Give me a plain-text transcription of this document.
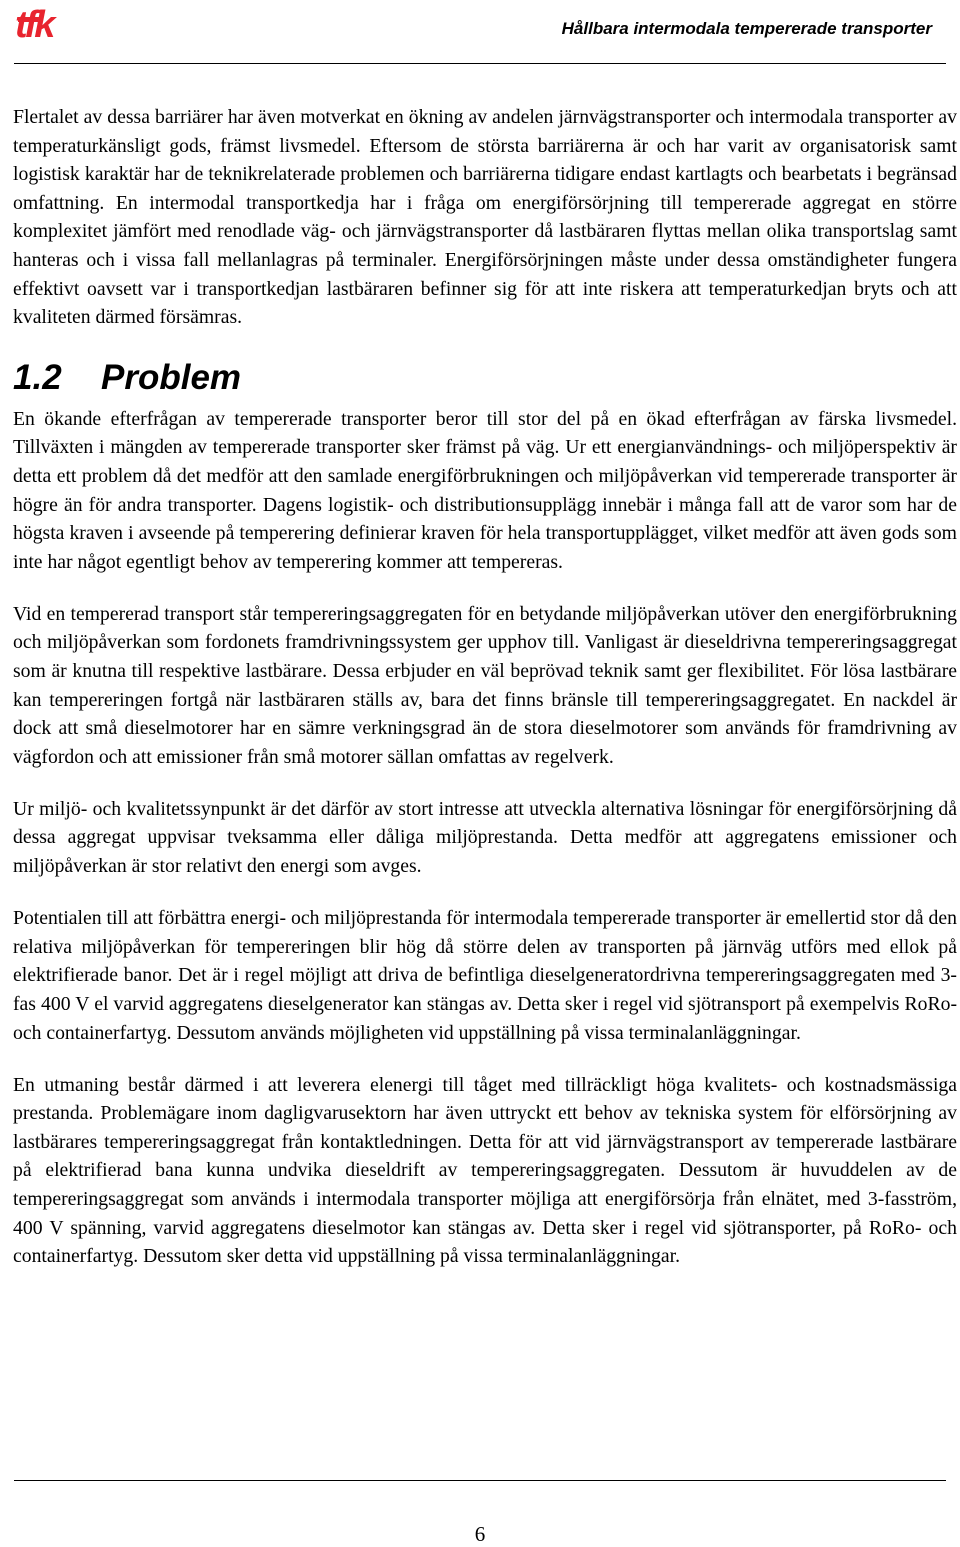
tfk	Hållbara intermodala tempererade transporter

Flertalet av dessa barriärer har även motverkat en ökning av andelen järnvägstransporter och intermodala transporter av temperaturkänsligt gods, främst livsmedel. Eftersom de största barriärerna är och har varit av organisatorisk samt logistisk karaktär har de teknikrelaterade problemen och barriärerna tidigare endast kartlagts och bearbetats i begränsad omfattning. En intermodal transportkedja har i fråga om energiförsörjning till tempererade aggregat en större komplexitet jämfört med renodlade väg- och järnvägstransporter då lastbäraren flyttas mellan olika transportslag samt hanteras och i vissa fall mellanlagras på terminaler. Energiförsörjningen måste under dessa omständigheter fungera effektivt oavsett var i transportkedjan lastbäraren befinner sig för att inte riskera att temperaturkedjan bryts och att kvaliteten därmed försämras.

1.2 Problem

En ökande efterfrågan av tempererade transporter beror till stor del på en ökad efterfrågan av färska livsmedel. Tillväxten i mängden av tempererade transporter sker främst på väg. Ur ett energianvändnings- och miljöperspektiv är detta ett problem då det medför att den samlade energiförbrukningen och miljöpåverkan vid tempererade transporter är högre än för andra transporter. Dagens logistik- och distributionsupplägg innebär i många fall att de varor som har de högsta kraven i avseende på temperering definierar kraven för hela transportupplägget, vilket medför att även gods som inte har något egentligt behov av temperering kommer att tempereras.

Vid en tempererad transport står tempereringsaggregaten för en betydande miljöpåverkan utöver den energiförbrukning och miljöpåverkan som fordonets framdrivningssystem ger upphov till. Vanligast är dieseldrivna tempereringsaggregat som är knutna till respektive lastbärare. Dessa erbjuder en väl beprövad teknik samt ger flexibilitet. För lösa lastbärare kan tempereringen fortgå när lastbäraren ställs av, bara det finns bränsle till tempereringsaggregatet. En nackdel är dock att små dieselmotorer har en sämre verkningsgrad än de stora dieselmotorer som används för framdrivning av vägfordon och att emissioner från små motorer sällan omfattas av regelverk.

Ur miljö- och kvalitetssynpunkt är det därför av stort intresse att utveckla alternativa lösningar för energiförsörjning då dessa aggregat uppvisar tveksamma eller dåliga miljöprestanda. Detta medför att aggregatens emissioner och miljöpåverkan är stor relativt den energi som avges.

Potentialen till att förbättra energi- och miljöprestanda för intermodala tempererade transporter är emellertid stor då den relativa miljöpåverkan för tempereringen blir hög då större delen av transporten på järnväg utförs med ellok på elektrifierade banor. Det är i regel möjligt att driva de befintliga dieselgeneratordrivna tempereringsaggregaten med 3-fas 400 V el varvid aggregatens dieselgenerator kan stängas av. Detta sker i regel vid sjötransport på exempelvis RoRo- och containerfartyg. Dessutom används möjligheten vid uppställning på vissa terminalanläggningar.

En utmaning består därmed i att leverera elenergi till tåget med tillräckligt höga kvalitets- och kostnadsmässiga prestanda. Problemägare inom dagligvarusektorn har även uttryckt ett behov av tekniska system för elförsörjning av lastbärares tempereringsaggregat från kontaktledningen. Detta för att vid järnvägstransport av tempererade lastbärare på elektrifierad bana kunna undvika dieseldrift av tempereringsaggregaten. Dessutom är huvuddelen av de tempereringsaggregat som används i intermodala transporter möjliga att energiförsörja från elnätet, med 3-fasström, 400 V spänning, varvid aggregatens dieselmotor kan stängas av. Detta sker i regel vid sjötransporter, på RoRo- och containerfartyg. Dessutom sker detta vid uppställning på vissa terminalanläggningar.

6
